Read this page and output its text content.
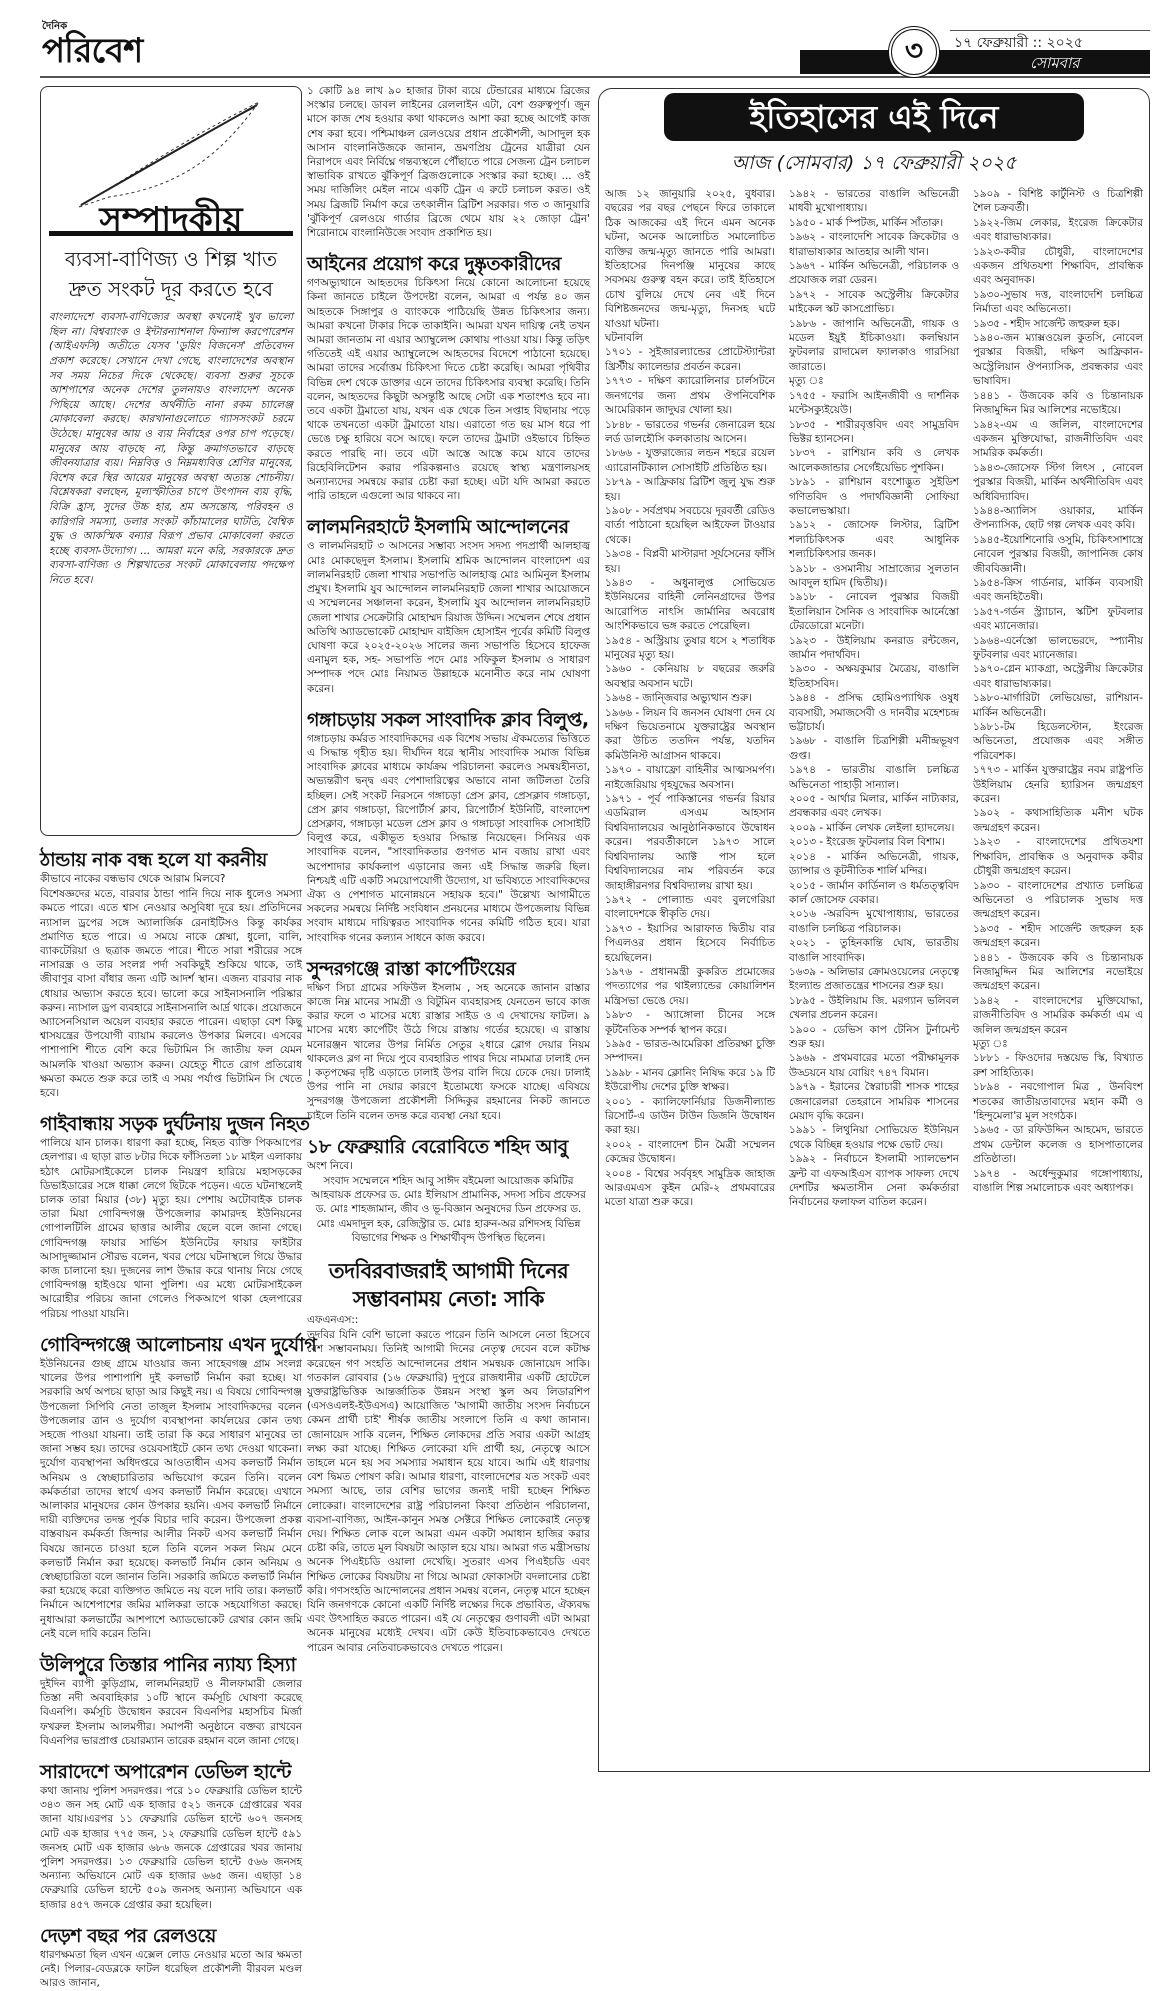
দৈনিক
পরিবেশ	৩	১৭ ফেব্রুয়ারী :: ২০২৫
সোমবার
সম্পাদকীয়
ব্যবসা-বাণিজ্য ও শিল্প খাত
দ্রুত সংকট দূর করতে হবে

বাংলাদেশে ব্যবসা-বাণিজ্যের অবস্থা কখনোই খুব ভালো ছিল না। বিশ্বব্যাংক ও ইন্টারন্যাশনাল ফিন্যান্স করপোরেশন (আইএফসি) অতীতে যেসব 'ডুয়িং বিজনেস' প্রতিবেদন প্রকাশ করেছে। সেখানে দেখা গেছে, বাংলাদেশের অবস্থান সব সময় নিচের দিকে থেকেছে। ব্যবসা শুরুর সূচকে আশপাশের অনেক দেশের তুলনায়ও বাংলাদেশ অনেক পিছিয়ে আছে। দেশের অর্থনীতি নানা রকম চ্যালেঞ্জ মোকাবেলা করছে। কারখানাগুলোতে গ্যাসসংকট চরমে উঠেছে। মানুষের আয় ও ব্যয় নির্বাহের ওপর চাপ পড়েছে। মানুষের আয় বাড়ছে না, কিন্তু ক্রমাগতভাবে বাড়ছে জীবনযাত্রার ব্যয়। নিম্নবিত্ত ও নিম্নমধ্যবিত্ত শ্রেণির মানুষের, বিশেষ করে স্থির আয়ের মানুষের অবস্থা অত্যন্ত শোচনীয়। বিশ্লেষকরা বলছেন, মূল্যস্ফীতির চাপে উৎপাদন ব্যয় বৃদ্ধি, বিক্রি হ্রাস, সুদের উচ্চ হার, শ্রম অসন্তোষ, পরিবহন ও কারিগরি সমস্যা, ডলার সংকট কাঁচামালের ঘাটতি, বৈশ্বিক যুদ্ধ ও আকস্মিক বন্যার বিরূপ প্রভাব মোকাবেলা করতে হচ্ছে ব্যবসা-উদ্যোগ। ... আমরা মনে করি, সরকারকে দ্রুত ব্যবসা-বাণিজ্য ও শিল্পখাতের সংকট মোকাবেলায় পদক্ষেপ নিতে হবে।

ঠান্ডায় নাক বন্ধ হলে যা করনীয়

কীভাবে নাকের বন্ধভাব থেকে আরাম মিলবে?

বিশেষজ্ঞদের মতে, বারবার ঠান্ডা পানি দিয়ে নাক ধুলেও সমস্যা কমতে পারে। এতে শ্বাস নেওয়ার অসুবিধা দূরে হয়। প্রতিদিনের ন্যাসাল ড্রপের সঙ্গে অ্যালার্জিক রেনাইটিসও কিন্তু কার্যকর প্রমাণিত হতে পারে। এ সময়ে নাকে শ্লেষ্মা, ধুলো, বালি, ব্যাকটেরিয়া ও ছত্রাক জমতে পারে। শীতে সারা শরীরের সঙ্গে নাসারন্ধ্র ও তার সংলগ্ন পর্দা সবকিছুই শুকিয়ে থাকে, তাই জীবাণুর বাসা বাঁধার জন্য এটি আদর্শ স্থান। এজন্য বারবার নাক ধোয়ার অভ্যাস করতে হবে। ভালো করে সাইনাসনালি পরিষ্কার করুন। ন্যাসাল ড্রপ ব্যবহারে সাইনাসনালি আর্দ্র থাকে। প্রয়োজনে অ্যাসেনসিয়াল অয়েল ব্যবহার করতে পারেন। এছাড়া বেশ কিছু শ্বাসযন্ত্রের উপযোগী ব্যায়াম করলেও উপকার মিলবে। এসবের পাশাপাশি শীতে বেশি করে ভিটামিন সি জাতীয় ফল যেমন আমলকি খাওয়া অভ্যাস করুন। যেহেতু শীতে রোগ প্রতিরোধ ক্ষমতা কমতে শুরু করে তাই এ সময় পর্যাপ্ত ভিটামিন সি খেতে হবে।

গাইবান্ধায় সড়ক দুর্ঘটনায় দুজন নিহত

পালিয়ে যান চালক। ধারণা করা হচ্ছে, নিহত ব্যক্তি পিকআপের হেলপার। এ ছাড়া রাত ৮টার দিকে ফাঁসিতলা ১৮ মাইল এলাকায় হঠাৎ মোটরসাইকেলে চালক নিয়ন্ত্রণ হারিয়ে মহাসড়কের ডিভাইডারের সঙ্গে ধাক্কা লেগে ছিটকে পড়েন। এতে ঘটনাস্থলেই চালক তারা মিয়ার (৩৮) মৃত্যু হয়। পেশায় অটোবাইক চালক তারা মিয়া গোবিন্দগঞ্জ উপজেলার কামারদহ ইউনিয়নের গোপালটিলি গ্রামের ছাত্তার আলীর ছেলে বলে জানা গেছে। গোবিন্দগঞ্জ ফায়ার সার্ভিস ইউনিটের ফায়ার ফাইটার আসাদুজ্জামান সৌরভ বলেন, খবর পেয়ে ঘটনাস্থলে গিয়ে উদ্ধার কাজ চালানো হয়। দুজনের লাশ উদ্ধার করে থানায় নিয়ে গেছে গোবিন্দগঞ্জ হাইওয়ে থানা পুলিশ। এর মধ্যে মোটরসাইকেল আরোহীর পরিচয় জানা গেলেও পিকআপে থাকা হেলপারের পরিচয় পাওয়া যায়নি।

গোবিন্দগঞ্জে আলোচনায় এখন দুর্যোগ

ইউনিয়নের গুচ্ছ গ্রামে যাওয়ার জন্য সাহেবগঞ্জ গ্রাম সংলগ্ন খালের উপর পাশাপাশি দুই কলভার্ট নির্মান করা হচ্ছে। যা সরকারি অর্থ অপচয় ছাড়া আর কিছুই নয়। এ বিষয়ে গোবিন্দগঞ্জ উপজেলা সিপিবি নেতা তাজুল ইসলাম সাংবাদিকদের বলেন উপজেলার ত্রান ও দুর্যোগ ব্যবস্থাপনা কার্যলয়ের কোন তথ্য সহজে পাওয়া যায়না। তাই তারা কি করে সাধারণ মানুষের তা জানা সম্ভব হয়। তাদের ওয়েবসাইটে কোন তথ্য দেওয়া থাকেনা। দুর্যোগ ব্যবস্থাপনা অধিদপ্তরে আওতাধীন এসব কলভার্ট নির্মান অনিয়ম ও স্বেচ্ছাচারিতার অভিযোগ করেন তিনি। বলেন কর্মকর্তারা তাদের স্বার্থে এসব কলভার্ট নির্মান করেছে। এখানে আলাকার মানুষদের কোন উপকার হয়নি। এসব কলভার্ট নির্মানে দায়ী ব্যক্তিদের তদন্ত পূর্বক বিচার দাবি করেন। উপজেলা প্রকল্প বাস্তবায়ন কর্মকর্তা জিন্দার আলীর নিকট এসব কলভার্ট নির্মান বিষয়ে জানতে চাওয়া হলে তিনি বলেন সকল নিয়ম মেনে কলভার্ট নির্মান করা হয়েছে। কলভার্ট নির্মান কোন অনিয়ম ও স্বেচ্ছাচারিতা বলে জানান তিনি। সরকারি জমিতে কলভার্ট নির্মান করা হয়েছে করো ব্যক্তিগত জমিতে নয় বলে দাবি তার। কলভার্ট নির্মানে আশেপাশের জমির মালিকরা তাকে সহযোগিতা করছে। নুধাআরা কলভার্টের আশপাশে অ্যাডভোকেট রেখার কোন জমি নেই বলে দাবি করেন তিনি।

উলিপুরে তিস্তার পানির ন্যায্য হিস্যা

দুইদিন ব্যাপী কুড়িগ্রাম, লালমনিরহাট ও নীলফামারী জেলার তিস্তা নদী অববাহিকার ১০টি স্থানে কর্মসূচি ঘোষণা করেছে বিএনপি। কর্মসূচি উদ্বোধন করবেন বিএনপির মহাসচিব মির্জা ফখরুল ইসলাম আলমগীর। সমাপনী অনুষ্ঠানে বক্তব্য রাখবেন বিএনপির ভারপ্রাপ্ত চেয়ারম্যান তারেক রহমান বলে জানা গেছে।

সারাদেশে অপারেশন ডেভিল হান্টে

কথা জানায় পুলিশ সদরদপ্তর। পরে ১০ ফেব্রুয়ারি ডেভিল হান্টে ৩৪৩ জন সহ মোট এক হাজার ৫২১ জনকে গ্রেপ্তারের খবর জানা যায়।এরপর ১১ ফেব্রুয়ারি ডেভিল হান্টে ৬০৭ জনসহ মোট এক হাজার ৭৭৫ জন, ১২ ফেব্রুয়ারি ডেভিল হান্টে ৫৯১ জনসহ মোট এক হাজার ৬৮৬ জনকে গ্রেপ্তারের খবর জানায় পুলিশ সদরদপ্তর। ১৩ ফেব্রুয়ারি ডেভিল হান্টে ৫৬৬ জনসহ অন্যান্য অভিযানে মোট এক হাজার ৬৬৫ জন। এছাড়া ১৪ ফেব্রুয়ারি ডেভিল হান্টে ৫০৯ জনসহ অন্যান্য অভিযানে এক হাজার ৪৫৭ জনকে গ্রেপ্তার করা হয়েছিল।

দেড়শ বছর পর রেলওয়ে

ধারণক্ষমতা ছিল এখন এক্সেল লোড নেওয়ার মতো আর ক্ষমতা নেই। পিলার-বেডব্লকে ফাটল ধরেছিল প্রকৌশলী বীরবল মণ্ডল আরও জানান,

১ কোটি ৯৪ লাখ ৯০ হাজার টাকা ব্যয়ে টেন্ডারের মাধ্যমে ব্রিজের সংস্কার চলছে। ডাবল লাইনের রেললাইন এটা, বেশ গুরুত্বপূর্ণ। জুন মাসে কাজ শেষ হওয়ার কথা থাকলেও আশা করা হচ্ছে আগেই কাজ শেষ করা হবে। পশ্চিমাঞ্চল রেলওয়ের প্রধান প্রকৌশলী, আসাদুল হক আসান বাংলানিউজকে জানান, ভ্রমণপ্রিয় ট্রেনের যাত্রীরা যেন নিরাপদে এবং নির্বিঘ্নে গন্তব্যস্থলে পৌঁছাতে পারে সেজন্য ট্রেন চলাচল স্বাভাবিক রাখতে ঝুঁকিপূর্ণ ব্রিজগুলোকে সংস্কার করা হচ্ছে। ... ওই সময় দার্জিলিং মেইল নামে একটি ট্রেন এ রুটে চলাচল করত। ওই সময় ব্রিজটি নির্মাণ করে তৎকালীন ব্রিটিশ সরকার। গত ৩ জানুয়ারি 'ঝুঁকিপূর্ণ রেলওয়ে গার্ডার ব্রিজে থেমে যায় ২২ জোড়া ট্রেন' শিরোনামে বাংলানিউজে সংবাদ প্রকাশিত হয়।

আইনের প্রয়োগ করে দুষ্কৃতকারীদের

গণঅভ্যুত্থানে আহতদের চিকিৎসা নিয়ে কোনো আলোচনা হয়েছে কিনা জানতে চাইলে উপদেষ্টা বলেন, আমরা এ পর্যন্ত ৪০ জন আহতকে সিঙ্গাপুর ও ব্যাংককে পাঠিয়েছি উন্নত চিকিৎসার জন্য। আমরা কখনো টাকার দিকে তাকাইনি। আমরা যখন দায়িত্ব নেই তখন আমরা জানতাম না এয়ার অ্যাম্বুলেন্স কোথায় পাওয়া যায়। কিন্তু তড়িৎ গতিতেই এই এয়ার অ্যাম্বুলেন্সে আহতদের বিদেশে পাঠানো হয়েছে। আমরা তাদের সর্বোত্তম চিকিৎসা দিতে চেষ্টা করেছি। আমরা পৃথিবীর বিভিন্ন দেশ থেকে ডাক্তার এনে তাদের চিকিৎসার ব্যবস্থা করেছি। তিনি বলেন, আহতদের কিছুটা অসন্তুষ্টি আছে সেটা এক শতাংশও হবে না। তবে একটা ট্রমাতো যায়, যখন এক থেকে তিন সপ্তাহ বিছানায় পড়ে থাকে তখনতো একটা ট্রমাতো যায়। এরাতো গত ছয় মাস ধরে পা ভেঙে চক্ষু হারিয়ে বসে আছে। ফলে তাদের ট্রমাটা ওইভাবে চিহ্নিত করতে পারছি না। তবে এটা আস্তে আস্তে কমে যাবে তাদের রিহেবিলিটেশন করার পরিকল্পনাও রয়েছে স্বাস্থ্য মন্ত্রণালয়সহ অন্যান্যদের সমন্বয়ে করার চেষ্টা করা হচ্ছে। এটা যদি আমরা করতে পারি তাহলে এগুলো আর থাকবে না।

লালমনিরহাটে ইসলামি আন্দোলনের

ও লালমনিরহাট ৩ আসনের সম্ভাব্য সংসদ সদস্য পদপ্রার্থী আলহাজ্ব মোঃ মোকছেদুল ইসলাম। ইসলামি শ্রমিক আন্দোলন বাংলাদেশ এর লালমনিরহাট জেলা শাখার সভাপতি আলহাজ্ব মোঃ আমিনুল ইসলাম প্রমুখ। ইসলামি যুব আন্দোলন লালমনিরহাট জেলা শাখার আয়োজনে এ সম্মেলনের সঞ্চালনা করেন, ইসলামি যুব আন্দোলন লালমনিরহাট জেলা শাখার সেক্রেটারি মোহাম্মদ রিয়াজ উদ্দিন। সম্মেলন শেষে প্রধান অতিথি অ্যাডভোকেট মোহাম্মদ বাইজিদ হোসাইন পূর্বের কমিটি বিলুপ্ত ঘোষণা করে ২০২৫-২০২৬ সালের জন্য সভাপতি হিসেবে হাফেজ এনামুল হক, সহ- সভাপতি পদে মোঃ সফিকুল ইসলাম ও সাধারণ সম্পাদক পদে মোঃ নিয়ামত উল্লাহকে মনোনীত করে নাম ঘোষণা করেন।

গঙ্গাচড়ায় সকল সাংবাদিক ক্লাব বিলুপ্ত,

গঙ্গাচড়ায় কর্মরত সাংবাদিকদের এক বিশেষ সভায় ঐকমত্যের ভিত্তিতে এ সিদ্ধান্ত গৃহীত হয়। দীর্ঘদিন ধরে স্থানীয় সাংবাদিক সমাজ বিভিন্ন সাংবাদিক ক্লাবের মাধ্যমে কার্যক্রম পরিচালনা করলেও সমন্বয়হীনতা, অভ্যন্তরীণ দ্বন্দ্ব এবং পেশাদারিত্বের অভাবে নানা জটিলতা তৈরি হচ্ছিল। সেই সংকট নিরসনে গঙ্গাচড়া প্রেস ক্লাব, প্রেসক্লাব গঙ্গাচড়া, প্রেস ক্লাব গঙ্গাচড়া, রিপোর্টার্স ক্লাব, রিপোর্টার্স ইউনিটি, বাংলাদেশ প্রেসক্লাব, গঙ্গাচড়া মডেল প্রেস ক্লাব ও গঙ্গাচড়া সাংবাদিক সোসাইটি বিলুপ্ত করে, একীভূত হওয়ার সিদ্ধান্ত নিয়েছেন। সিনিয়র এক সাংবাদিক বলেন, "সাংবাদিকতার গুণগত মান বজায় রাখা এবং অপেশাদার কার্যকলাপ এড়ানোর জন্য এই সিদ্ধান্ত জরুরি ছিল। নিশ্চয়ই এটি একটি সময়োপযোগী উদ্যোগ, যা ভবিষ্যতে সাংবাদিকদের ঐক্য ও পেশাগত মানোন্নয়নে সহায়ক হবে।" উল্লেখ্য আগামীতে সকলের সমন্বয়ে নির্দিষ্ট সংবিধান প্রনয়নের মাধ্যমে উপজেলায় বিভিন্ন সংবাদ মাধ্যমে দায়িত্বরত সাংবাদিক গনের কমিটি গঠিত হবে। যারা সাংবাদিক গনের কল্যান সাধনে কাজ করবে।

সুন্দরগঞ্জে রাস্তা কার্পেটিংয়ের

দক্ষিণ সিচা গ্রামের সফিউল ইসলাম , সহ অনেকে জানান রাস্তার কাজে নিম্ন মানের সামগ্রী ও বিটুমিন ব্যবহারসহ যেনতেন ভাবে কাজ করার ফলে ৩ মাসের মধ্যে রাস্তার সাইড ও এ দেখাদেয় ফাটল। ৯ মাসের মধ্যে কার্পেটিং উঠে গিয়ে রাস্তায় গর্তের হয়েছে। এ রাস্তায় মনোরঞ্জন খালের উপর নির্মিত সেতুর ২ধারে ব্লোগ দেয়ার নিয়ম থাকলেও ব্লগ না দিয়ে পুবে ব্যবহারিত পাথর দিয়ে নামমাত্র ঢালাই দেন । কতৃপক্ষের দৃষ্টি এড়াতে ঢালাই উপর বালি দিয়ে ঢেকে দেয়। ঢালাই উপর পানি না দেয়ার কারণে ইতোমধ্যে ফসকে যাচ্ছে। এবিষয়ে সুন্দরগঞ্জ উপজেলা প্রকৌশলী সিদ্দিকুর রহমানের নিকট জানতে চাইলে তিনি বলেন তদন্ত করে ব্যবস্থা নেয়া হবে।

১৮ ফেব্রুয়ারি বেরোবিতে শহিদ আবু

অংশ নিবে।

সংবাদ সম্মেলনে শহিদ আবু সাঈদ বইমেলা আয়োজক কমিটির আহবায়ক প্রফেসর ড. মোঃ ইলিয়াস প্রামানিক, সদস্য সচিব প্রফেসর ড. মোঃ শাহজামান, জীব ও ভূ-বিজ্ঞান অনুষদের ডিন প্রফেসর ড. মোঃ এমদাদুল হক, রেজিস্ট্রার ড. মোঃ হারুন-অর রশিদসহ বিভিন্ন বিভাগের শিক্ষক ও শিক্ষার্থীবৃন্দ উপস্থিত ছিলেন।

তদবিরবাজরাই আগামী দিনের সম্ভাবনাময় নেতা: সাকি

এফএনএস::

তদবির যিনি বেশি ভালো করতে পারেন তিনি আসলে নেতা হিসেবে বেশ সম্ভাবনাময়। তিনিই আগামী দিনের নেতৃত্ব দেবেন বলে কটাক্ষ করেছেন গণ সংহতি আন্দোলনের প্রধান সমন্বয়ক জোনায়েদ সাকি।গতকাল রোববার (১৬ ফেব্রুয়ারি) দুপুরে রাজধানীর একটি হোটেলে যুক্তরাষ্ট্রভিত্তিক আন্তর্জাতিক উন্নয়ন সংস্থা স্কুল অব লিডারশিপ (এসওএলই-ইউএসএ) আয়োজিত 'আগামী জাতীয় সংসদ নির্বাচনে কেমন প্রার্থী চাই' শীর্ষক জাতীয় সংলাপে তিনি এ কথা জানান।জোনায়েদ সাকি বলেন, শিক্ষিত লোকদের প্রতি সবার একটা আগ্রহ লক্ষ্য করা যাচ্ছে। শিক্ষিত লোকেরা যদি প্রার্থী হয়, নেতৃত্বে আসে তাহলে মনে হয় সব সমস্যার সমাধান হয়ে যাবে। আমি এই ধারণায় বেশ দ্বিমত পোষণ করি। আমার ধারণা, বাংলাদেশের যত সংকট এবং সমস্যা আছে, তার বেশির ভাগের জন্যই দায়ী হচ্ছেন শিক্ষিত লোকেরা। বাংলাদেশের রাষ্ট্র পরিচালনা কিংবা প্রতিষ্ঠান পরিচালনা, ব্যবসা-বাণিজ্য, আইন-কানুন সমস্ত সেক্টরে শিক্ষিত লোকেরাই নেতৃত্ব দেয়। শিক্ষিত লোক বলে আমরা এমন একটা সমাধান হাজির করার চেষ্টা করি, তাতে মূল বিষয়টা আড়াল হয়ে যায়। আমরা গত মন্ত্রীসভায় অনেক পিএইচডি ওয়ালা দেখেছি। সুতরাং এসব পিএইচডি এবং শিক্ষিত লোকের বিষয়টায় না গিয়ে আমরা ফোকাসটা বদলানোর চেষ্টা করি। গণসংহতি আন্দোলনের প্রধান সমন্বয় বলেন, নেতৃত্ব মানে হচ্ছেন যিনি জনগণকে কোনো একটি নির্দিষ্ট লক্ষ্যের দিকে প্রভাবিত, ঐক্যবদ্ধ এবং উৎসাহিত করতে পারেন। এই যে নেতৃত্বের গুণাবলী এটা আমরা অনেক মানুষের মধ্যেই দেখব। এটা কেউ ইতিবাচকভাবেও দেখতে পারেন আবার নেতিবাচকভাবেও দেখতে পারেন।

ইতিহাসের এই দিনে
আজ (সোমবার) ১৭ ফেব্রুয়ারী ২০২৫

আজ ১২ জানুয়ারি ২০২৫, বুধবার। বছরের পর বছর পেছনে ফিরে তাকালে ঠিক আজকের এই দিনে এমন অনেক ঘটনা, অনেক আলোচিত সমালোচিত ব্যক্তির জন্ম-মৃত্যু জানতে পারি আমরা। ইতিহাসের দিনপঞ্জি মানুষের কাছে সবসময় গুরুত্ব বহন করে। তাই ইতিহাসে চোখ বুলিয়ে দেখে নেব এই দিনে বিশিষ্টজনদের জন্ম-মৃত্যু, দিনসহ ঘটে যাওয়া ঘটনা।

ঘটনাবলি

১৭০১ - সুইজারল্যান্ডের প্রোটেস্ট্যান্টরা খ্রিস্টীয় ক্যালেন্ডার প্রবর্তন করেন।

১৭৭৩ - দক্ষিণ ক্যারোলিনার চার্লসটনে জনগণের জন্য প্রথম ঔপনিবেশিক আমেরিকান জাদুঘর খোলা হয়।

১৮৪৮ - ভারতের গভর্নর জেনারেল হয়ে লর্ড ডালহৌসি কলকাতায় আসেন।

১৮৬৬ - যুক্তরাজ্যের লন্ডন শহরে রয়েল এ্যারোনটিক্যাল সোসাইটি প্রতিষ্ঠিত হয়।

১৮৭৯ - আফ্রিকায় ব্রিটিশ জুলু যুদ্ধ শুরু হয়।

১৯০৮ - সর্বপ্রথম সবচেয়ে দূরবর্তী রেডিও বার্তা পাঠানো হয়েছিল আইফেল টাওয়ার থেকে।

১৯৩৪ - বিপ্লবী মাস্টারদা সূর্যসেনের ফাঁসি হয়।

১৯৪৩ - অধুনালুপ্ত সোভিয়েত ইউনিয়নের বাহিনী লেনিনগ্রাদের উপর আরোপিত নাৎসি জার্মানির অবরোধ আংশিকভাবে ভঙ্গ করতে পেরেছিল।

১৯৫৪ - অস্ট্রিয়ায় তুষার ধসে ২ শতাধিক মানুষের মৃত্যু হয়।

১৯৬০ - কেনিয়ায় ৮ বছরের জরুরি অবস্থার অবসান ঘটে।

১৯৬৪ - জান্জিবার অভ্যুত্থান শুরু।

১৯৬৬ - লিয়ন বি জনসন ঘোষণা দেন যে দক্ষিণ ভিয়েতনামে যুক্তরাষ্ট্রের অবস্থান করা উচিত ততদিন পর্যন্ত, যতদিন কমিউনিস্ট আগ্রাসন থাকবে।

১৯৭০ - বায়াফ্রো বাহিনীর আত্মসমর্পণ। নাইজেরিয়ায় গৃহযুদ্ধের অবসান।

১৯৭১ - পূর্ব পাকিস্তানের গভর্নর রিয়ার এডমিরাল এসএম আহসান বিশ্ববিদ্যালয়ের আনুষ্ঠানিকভাবে উদ্বোধন করেন। পরবর্তীকালে ১৯৭৩ সালে বিশ্ববিদ্যালয় অ্যাক্ট পাস হলে বিশ্ববিদ্যালয়ের নাম পরিবর্তন করে জাহাঙ্গীরনগর বিশ্ববিদ্যালয় রাখা হয়।

১৯৭২ - পোল্যান্ড এবং বুলগেরিয়া বাংলাদেশকে স্বীকৃতি দেয়।

১৯৭৩ - ইয়াসির আরাফাত দ্বিতীয় বার পিএলওর প্রধান হিসেবে নির্বাচিত হয়েছিলেন।

১৯৭৬ - প্রধানমন্ত্রী কুকরিত প্রমোজের পদত্যাগের পর থাইল্যান্ডের কোয়ালিশন মন্ত্রিসভা ভেঙে দেয়।

১৯৮৩ - অ্যাঙ্গোলা চীনের সঙ্গে কূটনৈতিক সম্পর্ক স্থাপন করে।

১৯৯৫ - ভারত-আমেরিকা প্রতিরক্ষা চুক্তি সম্পাদন।

১৯৯৮ - মানব ক্লোনিং নিষিদ্ধ করে ১৯ টি ইউরোপীয় দেশের চুক্তি স্বাক্ষর।

২০০১ - ক্যালিফোর্নিয়ার ডিজনীল্যান্ড রিসোর্ট-এ ডাউন টাউন ডিজনি উদ্বোধন করা হয়।

২০০২ - বাংলাদেশ চীন মৈত্রী সম্মেলন কেন্দ্রের উদ্বোধন।

২০০৪ - বিশ্বের সর্ববৃহৎ সামুদ্রিক জাহাজ আরএমএস কুইন মেরি-২ প্রথমবারের মতো যাত্রা শুরু করে।

১৯৪২ - ভারতের বাঙালি অভিনেত্রী মাধবী মুখোপাধ্যায়।

১৯৫০ - মার্ক স্পিটজ, মার্কিন সাঁতারু।

১৯৬২ - বাংলাদেশি সাবেক ক্রিকেটার ও ধারাভাষ্যকার আতহার আলী খান।

১৯৬৭ - মার্কিন অভিনেত্রী, পরিচালক ও প্রযোজক লরা ডেরন।

১৯৭২ - সাবেক অস্ট্রেলীয় ক্রিকেটার মাইকেল স্কট কাসপ্রোভিচ।

১৯৮৬ - জাপানি অভিনেত্রী, গায়ক ও মডেল ইয়ুই ইচিকাওয়া। কলম্বিয়ান ফুটবলার রাদামেল ফ্যালকাও গারসিয়া জারাতে।

মৃত্যু ঃ

১৭৫৫ - ফরাসি আইনজীবী ও দার্শনিক মন্টেসক্যুইয়েউ।

১৮৩৫ - শারীরবৃত্তবিদ এবং সামুদ্রবিদ ভিক্টর হ্যানসেন।

১৮৩৭ - রাশিয়ান কবি ও লেখক আলেকজান্ডার সের্গেইয়েভিচ পুশকিন।

১৮৯১ - রাশিয়ান বংশোদ্ভুত সুইডিশ গণিতবিদ ও পদার্থবিজ্ঞানী সোফিয়া কভালেভস্কায়া।

১৯১২ - জোসেফ লিস্টার, ব্রিটিশ শল্যচিকিৎসক এবং আধুনিক শল্যচিকিৎসার জনক।

১৯১৮ - ওসমানীয় সাম্রাজ্যের সুলতান আবদুল হামিদ (দ্বিতীয়)।

১৯১৮ - নোবেল পুরস্কার বিজয়ী ইতালিয়ান সৈনিক ও সাংবাদিক আর্নেস্তো টেরডোরো মনেটা।

১৯২৩ - উইলিয়াম কনরাড রন্টজেন, জার্মান পদার্থবিদ।

১৯৩০ - অক্ষয়কুমার মৈত্রেয়, বাঙালি ইতিহাসবিদ।

১৯৪৪ - প্রসিদ্ধ হোমিওপ্যাথিক ওষুধ ব্যবসায়ী, সমাজসেবী ও দানবীর মহেশচন্দ্র ভট্টাচার্য।

১৯৬৮ - বাঙালি চিত্রশিল্পী মনীন্দ্রভূষণ গুপ্ত।

১৯৭৪ - ভারতীয় বাঙালি চলচ্চিত্র অভিনেতা পাহাড়ী সান্যাল।

২০০৫ - আর্থার মিলার, মার্কিন নাট্যকার, প্রবন্ধকার এবং লেখক।

২০০৯ - মার্কিন লেখক লেইলা হ্যাদলেয়।

২০১৩ - ইংরেজ ফুটবলার বিল বিশাম।

২০১৪ - মার্কিন অভিনেত্রী, গায়ক, ড্যান্সার ও কূটনীতিক শার্লি মন্দির।

২০১৫ - জার্মান কার্ডিনাল ও ধর্মতত্ত্ববিদ কার্ল জোসেফ বেকার।

২০১৬ -অরবিন্দ মুখোপাধ্যায়, ভারতের বাঙালি চলচ্চিত্র পরিচালক।

২০২১ - তুহিনকান্তি ঘোষ, ভারতীয় বাঙালি সাংবাদিক।

১৬৩৯ - অলিভার ক্রোমওয়েলের নেতৃত্বে ইংল্যান্ড প্রজাতন্ত্রের শাসনের শুরু হয়।

১৮৯৫ - উইলিয়াম জি. মরগ্যান ভলিবল খেলার প্রচলন করেন।

১৯০০ - ডেভিস কাপ টেনিস টুর্নামেন্ট শুরু হয়।

১৯৬৯ - প্রথমবারের মতো পরীক্ষামূলক উড্ডয়নে যায় বোয়িং ৭৪৭ বিমান।

১৯৭৯ - ইরানের স্বৈরাচারী শাসক শাহের জেনারেলরা তেহরানে সামরিক শাসনের মেয়াদ বৃদ্ধি করেন।

১৯৯১ - লিথুনিয়া সোভিয়েত ইউনিয়ন থেকে বিচ্ছিন্ন হওয়ার পক্ষে ভোট দেয়।

১৯৯২ - নির্বাচনে ইসলামী স্যালভেশন ফ্রন্ট বা এফআইএস ব্যাপক সাফল্য দেখে দেশটির ক্ষমতাসীন সেনা কর্মকর্তারা নির্বাচনের ফলাফল বাতিল করেন।

১৯০৯ - বিশিষ্ট কার্টুনিস্ট ও চিত্রশিল্পী শৈল চক্রবর্তী।

১৯২২-জিম লেকার, ইংরেজ ক্রিকেটার এবং ধারাভাষ্যকার।

১৯২৩-কবীর চৌধুরী, বাংলাদেশের একজন প্রথিতযশা শিক্ষাবিদ, প্রাবন্ধিক এবং অনুবাদক।

১৯৩০-সুভাষ দত্ত, বাংলাদেশি চলচ্চিত্র নির্মাতা এবং অভিনেতা।

১৯৩৫ - শহীদ সার্জেন্ট জহুরুল হক।

১৯৪০-জন ম্যাক্সওয়েল কুতসি, নোবেল পুরস্কার বিজয়ী, দক্ষিণ আফ্রিকান-অস্ট্রেলিয়ান ঔপন্যাসিক, প্রবন্ধকার এবং ভাষাবিদ।

১৪৪১ - উজবেক কবি ও চিন্তানায়ক নিজামুদ্দিন মির আলিশের নভোইয়ে।

১৯৪২-এম এ জলিল, বাংলাদেশের একজন মুক্তিযোদ্ধা, রাজনীতিবিদ এবং সামরিক কর্মকর্তা।

১৯৪৩-জোসেফ স্টিগ লিৎস , নোবেল পুরস্কার বিজয়ী, মার্কিন অর্থনীতিবিদ এবং অধিবিদ্যাবিদ।

১৯৪৪-অ্যালিস ওয়াকার, মার্কিন ঔপন্যাসিক, ছোট গল্প লেখক এবং কবি।

১৯৪৫-ইয়োশিনোরি ওসুমি, চিকিৎসাশাস্ত্রে নোবেল পুরস্কার বিজয়ী, জাপানিজ কোষ জীববিজ্ঞানী।

১৯৫৪-ক্রিস গার্ডনার, মার্কিন ব্যবসায়ী এবং জনহিতৈষী।

১৯৫৭-গর্ডন স্ট্র্যাচান, স্কটিশ ফুটবলার এবং ম্যানেজার।

১৯৬৪-এর্নেস্তো ভালভেরদে, স্প্যানীয় ফুটবলার এবং ম্যানেজার।

১৯৭০-গ্লেন ম্যাকগ্রা, অস্ট্রেলীয় ক্রিকেটার এবং ধারাভাষ্যকার।

১৯৮০-মার্গারিটা লেভিয়েভা, রাশিয়ান-মার্কিন অভিনেত্রী।

১৯৮১-টম হিডেলস্টোন, ইংরেজ অভিনেতা, প্রযোজক এবং সঙ্গীত পরিবেশক।

১৭৭৩ - মার্কিন যুক্তরাষ্ট্রের নবম রাষ্ট্রপতি উইলিয়াম হেনরি হ্যারিসন জন্মগ্রহণ করেন।

১৯০২ - কথাসাহিত্যিক মনীশ ঘটক জন্মগ্রহণ করেন।

১৯২৩ - বাংলাদেশের প্রথিতযশা শিক্ষাবিদ, প্রাবন্ধিক ও অনুবাদক কবীর চৌধুরী জন্মগ্রহণ করেন।

১৯৩০ - বাংলাদেশের প্রখ্যাত চলচ্চিত্র অভিনেতা ও পরিচালক সুভাষ দত্ত জন্মগ্রহণ করেন।

১৯৩৫ - শহীদ সার্জেন্ট জহুরুল হক জন্মগ্রহণ করেন।

১৪৪১ - উজবেক কবি ও চিন্তানায়ক নিজামুদ্দিন মির আলিশের নভোইয়ে জন্মগ্রহণ করেন।

১৯৪২ - বাংলাদেশের মুক্তিযোদ্ধা, রাজনীতিবিদ ও সামরিক কর্মকর্তা এম এ জলিল জন্মগ্রহন করেন

মৃত্যু ঃ

১৮৮১ - ফিওদোর দস্তয়েভ স্কি, বিখ্যাত রুশ সাহিত্যিক।

১৮৯৪ - নবগোপাল মিত্র , উনবিংশ শতকের জাতীয়তাবাদের মহান কর্মী ও 'হিন্দুমেলা'র মূল সংগঠক।

১৯৬৫ - ডা রফিউদ্দিন আহমেদ, ভারতে প্রথম ডেন্টাল কলেজ ও হাসপাতালের প্রতিষ্ঠাতা।

১৯৭৪ - অর্ধেন্দুকুমার গঙ্গোপাধ্যায়, বাঙালি শিল্প সমালোচক এবং অধ্যাপক।
